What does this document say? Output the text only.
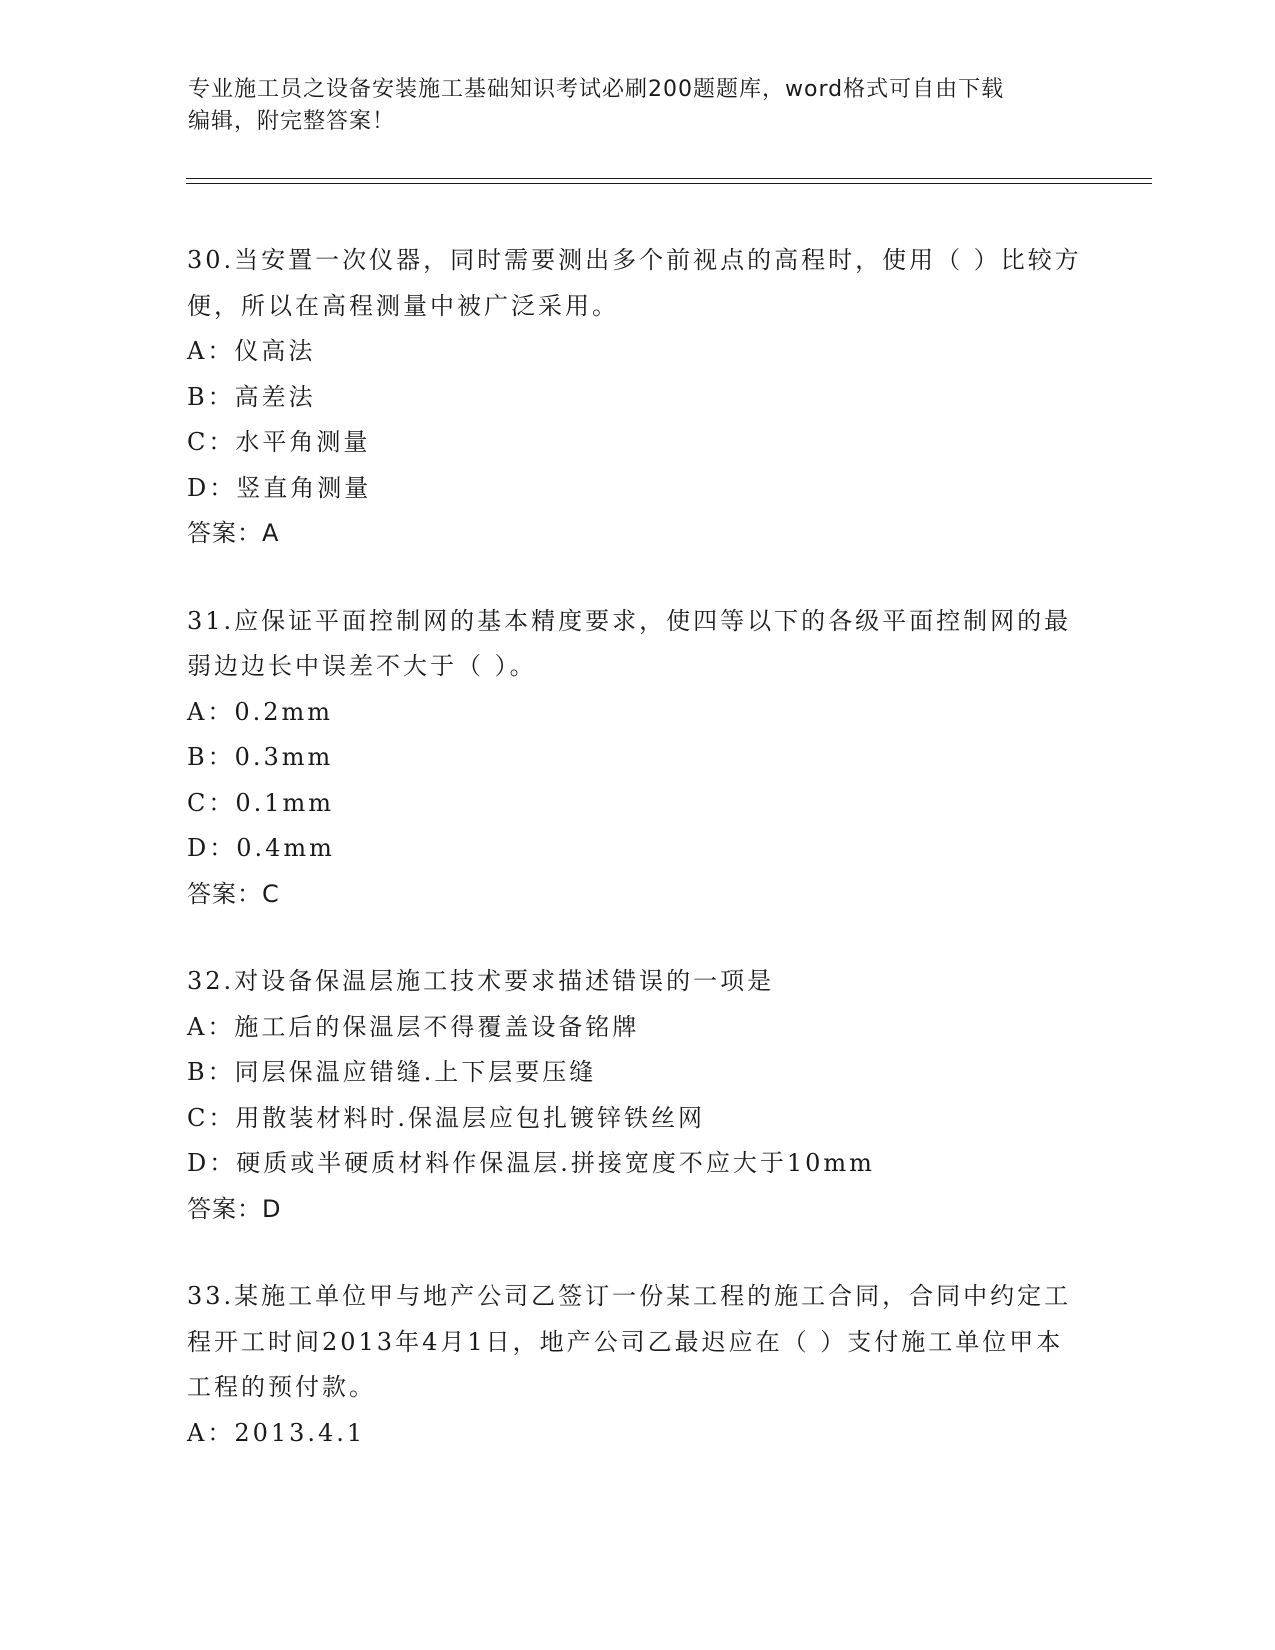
专业施工员之设备安装施工基础知识考试必刷200题题库，word格式可自由下载
编辑，附完整答案！
30.当安置一次仪器，同时需要测出多个前视点的高程时，使用（ ）比较方便，所以在高程测量中被广泛采用。
A：仪高法
B：高差法
C：水平角测量
D：竖直角测量
答案：A
31.应保证平面控制网的基本精度要求，使四等以下的各级平面控制网的最弱边边长中误差不大于（ ）。
A：0.2mm
B：0.3mm
C：0.1mm
D：0.4mm
答案：C
32.对设备保温层施工技术要求描述错误的一项是
A：施工后的保温层不得覆盖设备铭牌
B：同层保温应错缝.上下层要压缝
C：用散装材料时.保温层应包扎镀锌铁丝网
D：硬质或半硬质材料作保温层.拼接宽度不应大于10mm
答案：D
33.某施工单位甲与地产公司乙签订一份某工程的施工合同，合同中约定工程开工时间2013年4月1日，地产公司乙最迟应在（ ）支付施工单位甲本工程的预付款。
A：2013.4.1
